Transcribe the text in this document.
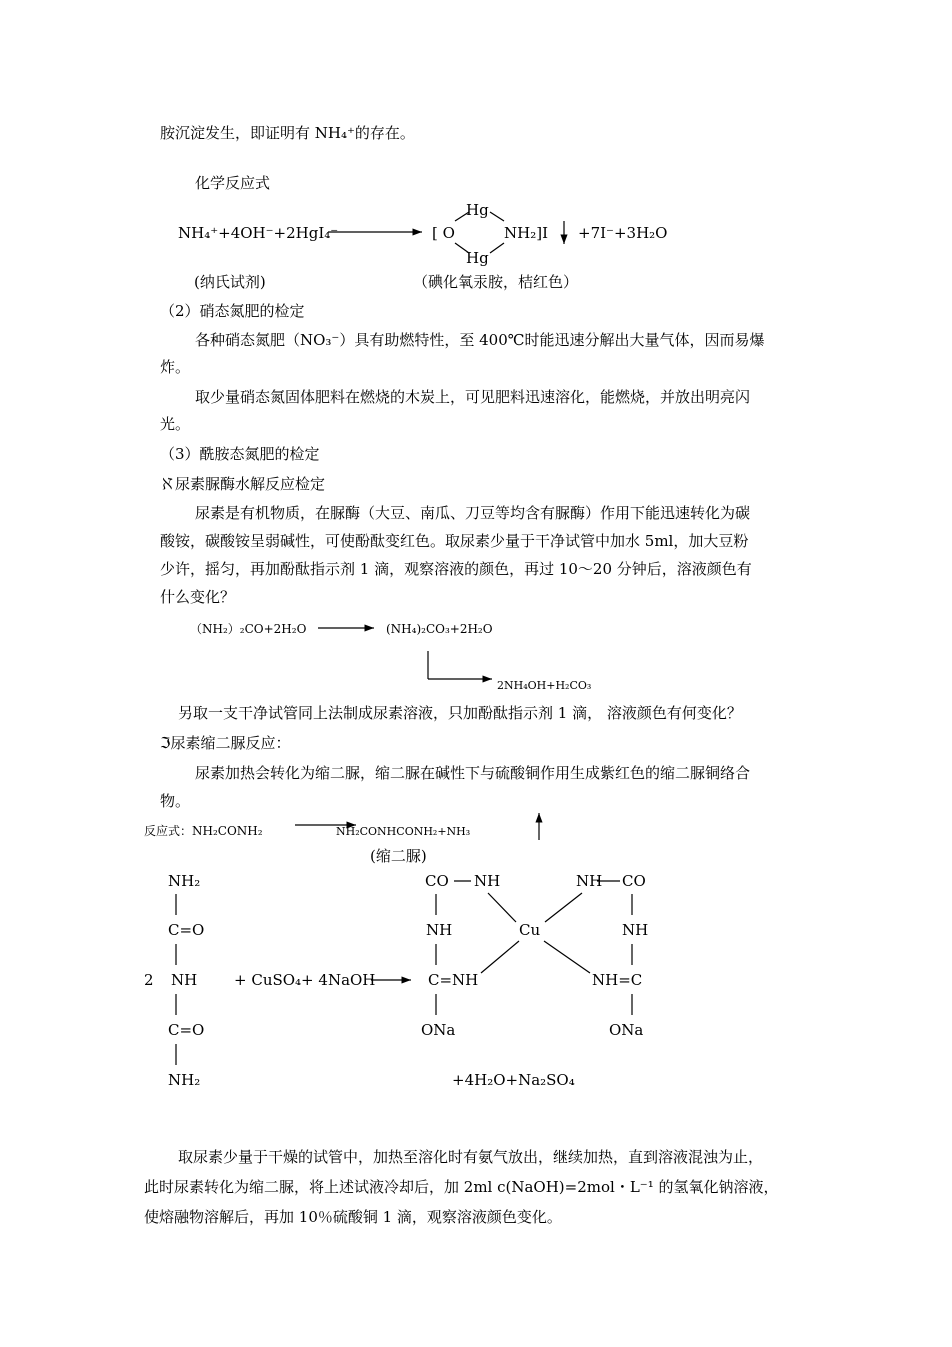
胺沉淀发生，即证明有 NH₄⁺的存在。
化学反应式
NH₄⁺+4OH⁻+2HgI₄⁻
Hg
[ O	NH₂]I
Hg
+7I⁻+3H₂O
(纳氏试剂)	（碘化氧汞胺，桔红色）
（2）硝态氮肥的检定
各种硝态氮肥（NO₃⁻）具有助燃特性，至 400℃时能迅速分解出大量气体，因而易爆
炸。
取少量硝态氮固体肥料在燃烧的木炭上，可见肥料迅速溶化，能燃烧，并放出明亮闪
光。
（3）酰胺态氮肥的检定
ℵ尿素脲酶水解反应检定
尿素是有机物质，在脲酶（大豆、南瓜、刀豆等均含有脲酶）作用下能迅速转化为碳
酸铵，碳酸铵呈弱碱性，可使酚酞变红色。取尿素少量于干净试管中加水 5ml，加大豆粉
少许，摇匀，再加酚酞指示剂 1 滴，观察溶液的颜色，再过 10～20 分钟后，溶液颜色有
什么变化？
（NH₂）₂CO+2H₂O	(NH₄)₂CO₃+2H₂O
2NH₄OH+H₂CO₃
另取一支干净试管同上法制成尿素溶液，只加酚酞指示剂 1 滴， 溶液颜色有何变化？
ℑ尿素缩二脲反应：
尿素加热会转化为缩二脲，缩二脲在碱性下与硫酸铜作用生成紫红色的缩二脲铜络合
物。
反应式：NH₂CONH₂	NH₂CONHCONH₂+NH₃
(缩二脲)
NH₂
C=O
2 NH
C=O
NH₂
+ CuSO₄+ 4NaOH
CO NH
NH
C=NH
ONa
Cu
NH CO
NH
NH=C
ONa
+4H₂O+Na₂SO₄
取尿素少量于干燥的试管中，加热至溶化时有氨气放出，继续加热，直到溶液混浊为止，
此时尿素转化为缩二脲，将上述试液冷却后，加 2ml c(NaOH)=2mol・L⁻¹ 的氢氧化钠溶液，
使熔融物溶解后，再加 10％硫酸铜 1 滴，观察溶液颜色变化。
